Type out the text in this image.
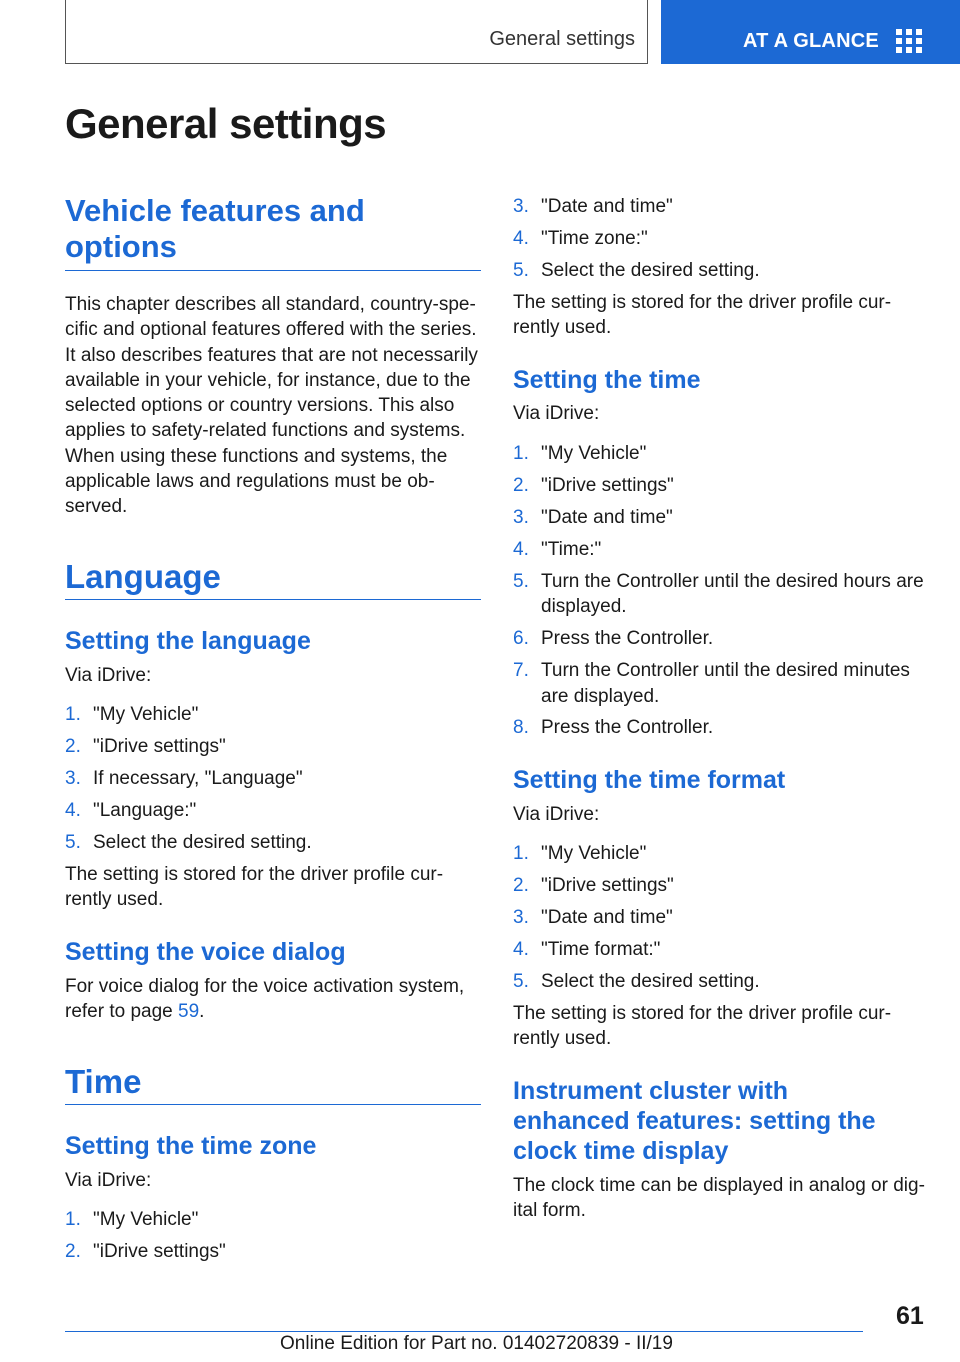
General settings	AT A GLANCE
General settings
Vehicle features and
options

This chapter describes all standard, country-spe-
cific and optional features offered with the series.
It also describes features that are not necessarily
available in your vehicle, for instance, due to the
selected options or country versions. This also
applies to safety-related functions and systems.
When using these functions and systems, the
applicable laws and regulations must be ob-
served.

Language
Setting the language

Via iDrive:

1. "My Vehicle"
2. "iDrive settings"
3. If necessary, "Language"
4. "Language:"
5. Select the desired setting.

The setting is stored for the driver profile cur-
rently used.

Setting the voice dialog

For voice dialog for the voice activation system,
refer to page 59.

Time
Setting the time zone

Via iDrive:

1. "My Vehicle"
2. "iDrive settings"
3. "Date and time"
4. "Time zone:"
5. Select the desired setting.

The setting is stored for the driver profile cur-
rently used.

Setting the time

Via iDrive:

1. "My Vehicle"
2. "iDrive settings"
3. "Date and time"
4. "Time:"
5. Turn the Controller until the desired hours are
displayed.
6. Press the Controller.
7. Turn the Controller until the desired minutes
are displayed.
8. Press the Controller.
Setting the time format

Via iDrive:

1. "My Vehicle"
2. "iDrive settings"
3. "Date and time"
4. "Time format:"
5. Select the desired setting.

The setting is stored for the driver profile cur-
rently used.

Instrument cluster with
enhanced features: setting the
clock time display

The clock time can be displayed in analog or dig-
ital form.

61
Online Edition for Part no. 01402720839 - II/19
